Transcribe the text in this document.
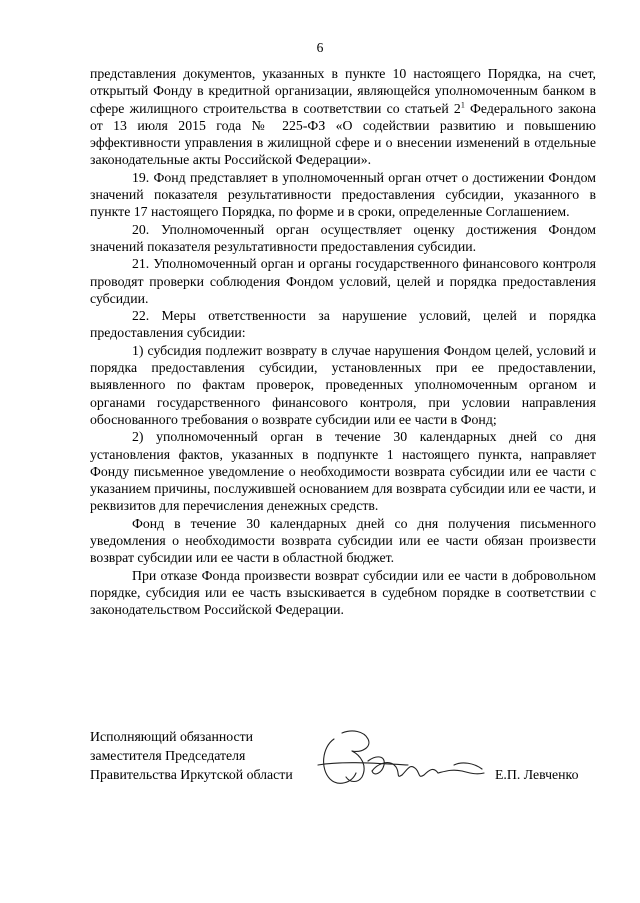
6

представления документов, указанных в пункте 10 настоящего Порядка, на счет, открытый Фонду в кредитной организации, являющейся уполномоченным банком в сфере жилищного строительства в соответствии со статьей $2^1$ Федерального закона от 13 июля 2015 года № 225-ФЗ «О содействии развитию и повышению эффективности управления в жилищной сфере и о внесении изменений в отдельные законодательные акты Российской Федерации».

19. Фонд представляет в уполномоченный орган отчет о достижении Фондом значений показателя результативности предоставления субсидии, указанного в пункте 17 настоящего Порядка, по форме и в сроки, определенные Соглашением.

20. Уполномоченный орган осуществляет оценку достижения Фондом значений показателя результативности предоставления субсидии.

21. Уполномоченный орган и органы государственного финансового контроля проводят проверки соблюдения Фондом условий, целей и порядка предоставления субсидии.

22. Меры ответственности за нарушение условий, целей и порядка предоставления субсидии:

1) субсидия подлежит возврату в случае нарушения Фондом целей, условий и порядка предоставления субсидии, установленных при ее предоставлении, выявленного по фактам проверок, проведенных уполномоченным органом и органами государственного финансового контроля, при условии направления обоснованного требования о возврате субсидии или ее части в Фонд;

2) уполномоченный орган в течение 30 календарных дней со дня установления фактов, указанных в подпункте 1 настоящего пункта, направляет Фонду письменное уведомление о необходимости возврата субсидии или ее части с указанием причины, послужившей основанием для возврата субсидии или ее части, и реквизитов для перечисления денежных средств.

Фонд в течение 30 календарных дней со дня получения письменного уведомления о необходимости возврата субсидии или ее части обязан произвести возврат субсидии или ее части в областной бюджет.

При отказе Фонда произвести возврат субсидии или ее части в добровольном порядке, субсидия или ее часть взыскивается в судебном порядке в соответствии с законодательством Российской Федерации.

Исполняющий обязанности
заместителя Председателя
Правительства Иркутской области	Е.П. Левченко
